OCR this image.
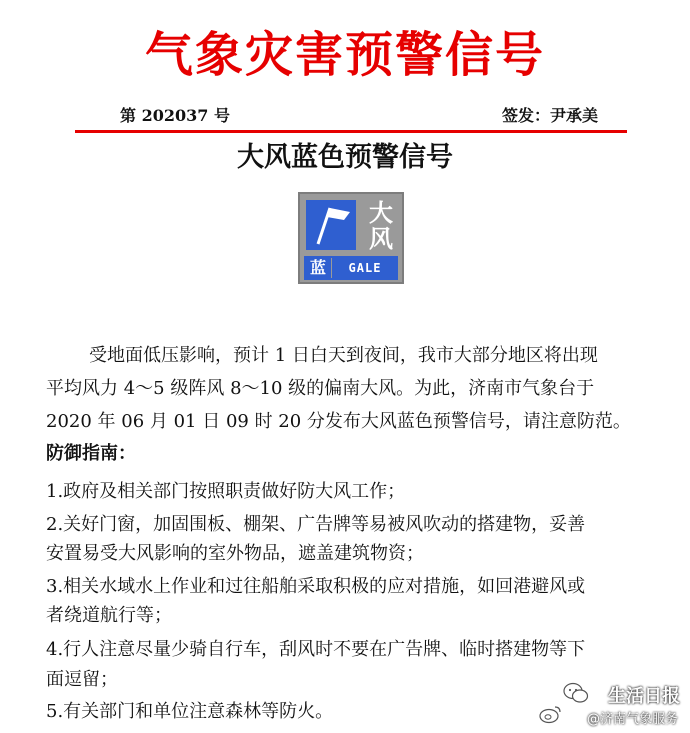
气象灾害预警信号
第 202037 号	签发：尹承美
大风蓝色预警信号
大
风
蓝	GALE
受地面低压影响，预计 1 日白天到夜间，我市大部分地区将出现
平均风力 4～5 级阵风 8～10 级的偏南大风。为此，济南市气象台于
2020 年 06 月 01 日 09 时 20 分发布大风蓝色预警信号，请注意防范。
防御指南：
1.政府及相关部门按照职责做好防大风工作；
2.关好门窗，加固围板、棚架、广告牌等易被风吹动的搭建物，妥善
安置易受大风影响的室外物品，遮盖建筑物资；
3.相关水域水上作业和过往船舶采取积极的应对措施，如回港避风或
者绕道航行等；
4.行人注意尽量少骑自行车，刮风时不要在广告牌、临时搭建物等下
面逗留；
5.有关部门和单位注意森林等防火。
生活日报
@济南气象服务
